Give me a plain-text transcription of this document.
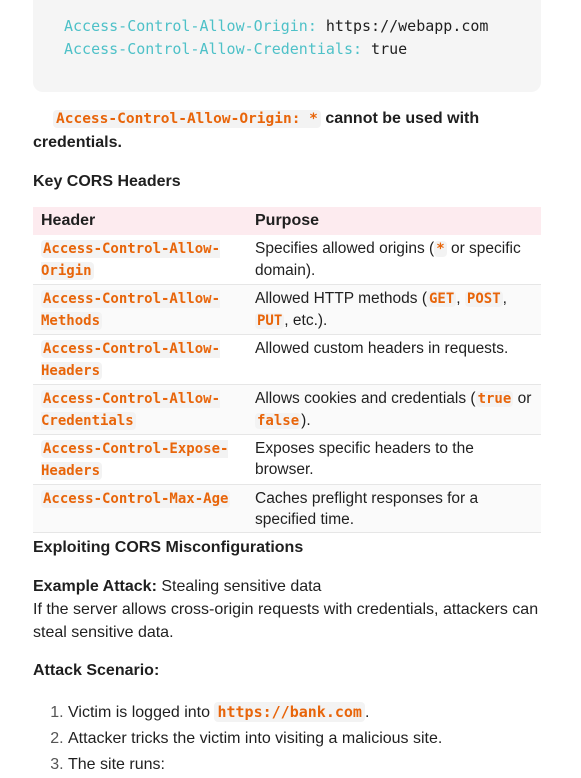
Access-Control-Allow-Origin: https://webapp.com
Access-Control-Allow-Credentials: true
Access-Control-Allow-Origin: * cannot be used with credentials.
Key CORS Headers
Header	Purpose
Access-Control-Allow-Origin	Specifies allowed origins ( * or specific domain).
Access-Control-Allow-Methods	Allowed HTTP methods ( GET , POST , PUT , etc.).
Access-Control-Allow-Headers	Allowed custom headers in requests.
Access-Control-Allow-Credentials	Allows cookies and credentials ( true or false ).
Access-Control-Expose-Headers	Exposes specific headers to the browser.
Access-Control-Max-Age	Caches preflight responses for a specified time.
Exploiting CORS Misconfigurations
Example Attack: Stealing sensitive data
If the server allows cross-origin requests with credentials, attackers can steal sensitive data.
Attack Scenario:
1. Victim is logged into https://bank.com .
2. Attacker tricks the victim into visiting a malicious site.
3. The site runs:
